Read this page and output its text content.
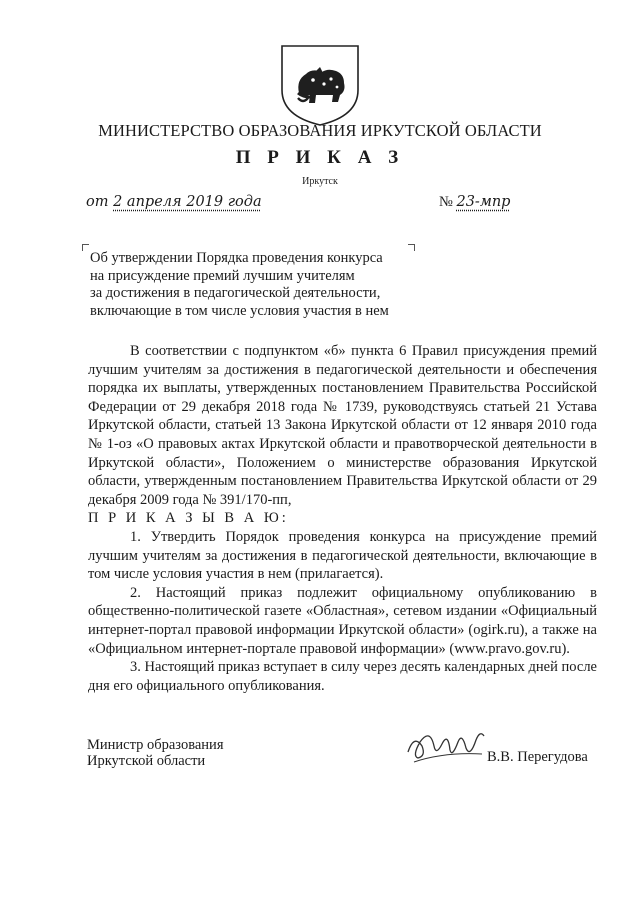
МИНИСТЕРСТВО ОБРАЗОВАНИЯ ИРКУТСКОЙ ОБЛАСТИ
П Р И К А З
Иркутск
от 2 апреля 2019 года	№ 23-мпр
Об утверждении Порядка проведения конкурса
на присуждение премий лучшим учителям
за достижения в педагогической деятельности,
включающие в том числе условия участия в нем

В соответствии с подпунктом «б» пункта 6 Правил присуждения премий лучшим учителям за достижения в педагогической деятельности и обеспечения порядка их выплаты, утвержденных постановлением Правительства Российской Федерации от 29 декабря 2018 года № 1739, руководствуясь статьей 21 Устава Иркутской области, статьей 13 Закона Иркутской области от 12 января 2010 года № 1-оз «О правовых актах Иркутской области и правотворческой деятельности в Иркутской области», Положением о министерстве образования Иркутской области, утвержденным постановлением Правительства Иркутской области от 29 декабря 2009 года № 391/170-пп,

П Р И К А З Ы В А Ю:

1. Утвердить Порядок проведения конкурса на присуждение премий лучшим учителям за достижения в педагогической деятельности, включающие в том числе условия участия в нем (прилагается).

2. Настоящий приказ подлежит официальному опубликованию в общественно-политической газете «Областная», сетевом издании «Официальный интернет-портал правовой информации Иркутской области» (ogirk.ru), а также на «Официальном интернет-портале правовой информации» (www.pravo.gov.ru).

3. Настоящий приказ вступает в силу через десять календарных дней после дня его официального опубликования.

Министр образования
Иркутской области	В.В. Перегудова
